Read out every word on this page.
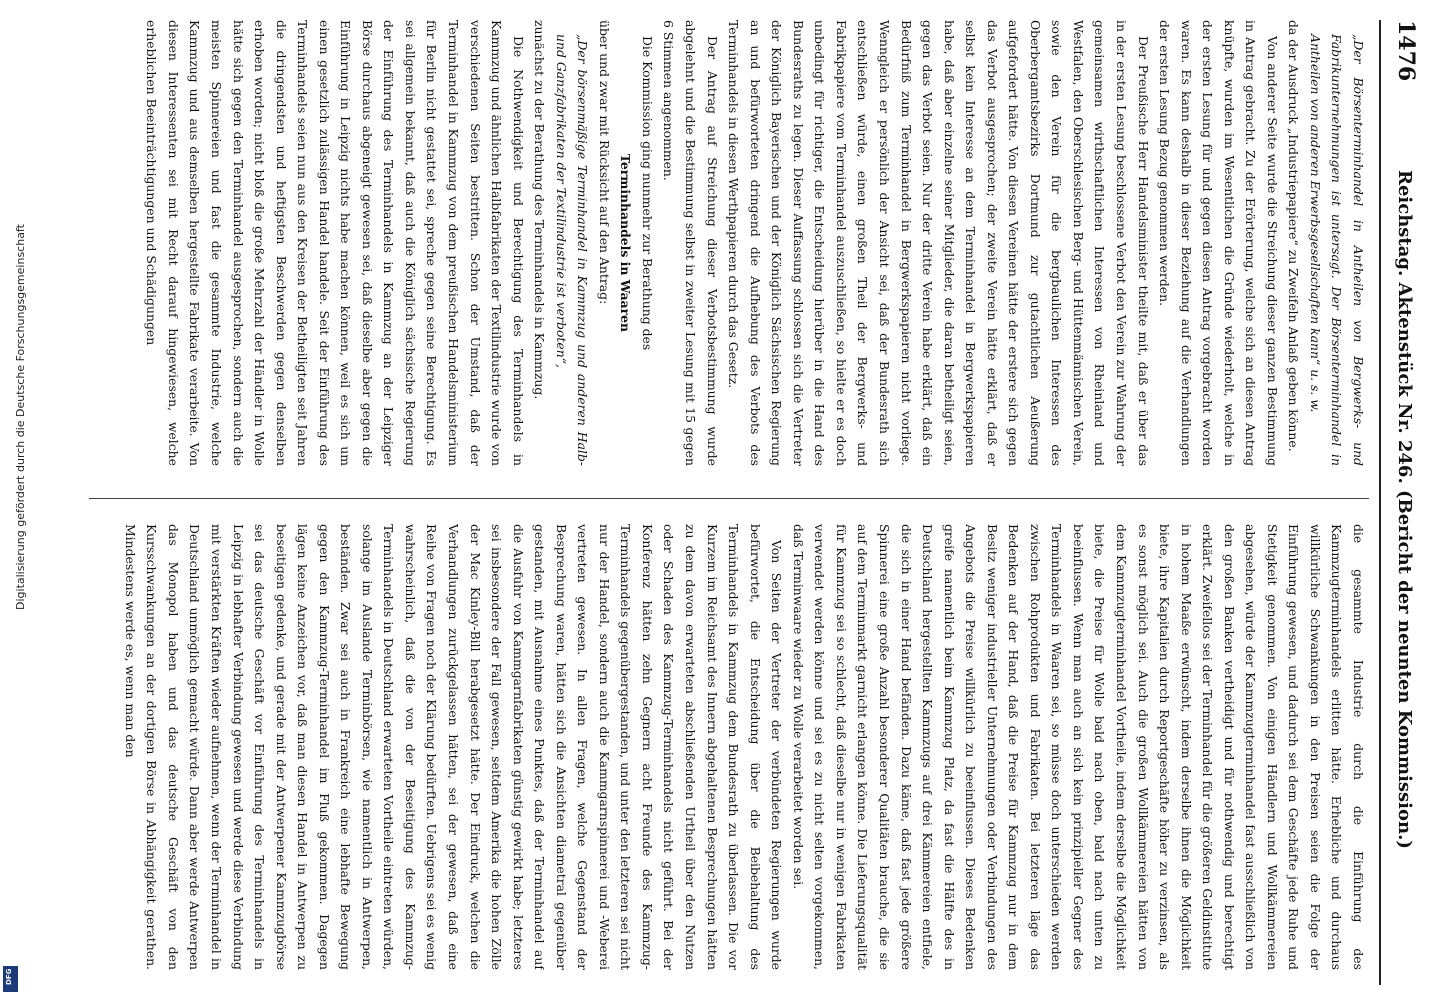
Digitalisierung gefördert durch die Deutsche Forschungsgemeinschaft
DFG
1476
Reichstag. Aktenstück Nr. 246. (Bericht der neunten Kommission.)

„Der Börsenterminhandel in Antheilen von Bergwerks- und Fabrikunternehmungen ist untersagt. Der Börsenterminhandel in Antheilen von anderen Erwerbsgesellschaften kann“ u. s. w.

da der Ausdruck „Industriepapiere“ zu Zweifeln Anlaß geben könne.

Von anderer Seite wurde die Streichung dieser ganzen Bestimmung in Antrag gebracht. Zu der Erörterung, welche sich an diesen Antrag knüpfte, wurden im Wesentlichen die Gründe wiederholt, welche in der ersten Lesung für und gegen diesen Antrag vorgebracht worden waren. Es kann deshalb in dieser Beziehung auf die Verhandlungen der ersten Lesung Bezug genommen werden.

Der Preußische Herr Handelsminister theilte mit, daß er über das in der ersten Lesung beschlossene Verbot den Verein zur Wahrung der gemeinsamen wirthschaftlichen Interessen von Rheinland und Westfalen, den Oberschlesischen Berg- und Hüttenmännischen Verein, sowie den Verein für die bergbaulichen Interessen des Oberbergamtsbezirks Dortmund zur gutachtlichen Aeußerung aufgefordert hätte. Von diesen Vereinen hätte der erstere sich gegen das Verbot ausgesprochen; der zweite Verein hätte erklärt, daß er selbst kein Interesse an dem Terminhandel in Bergwerkspapieren habe, daß aber einzelne seiner Mitglieder, die daran betheiligt seien, gegen das Verbot seien. Nur der dritte Verein habe erklärt, daß ein Bedürfniß zum Terminhandel in Bergwerkspapieren nicht vorliege. Wenngleich er persönlich der Ansicht sei, daß der Bundesrath sich entschließen würde, einen großen Theil der Bergwerks- und Fabrikpapiere vom Terminhandel auszuschließen, so hielte er es doch unbedingt für richtiger, die Entscheidung hierüber in die Hand des Bundesraths zu legen. Dieser Auffassung schlossen sich die Vertreter der Königlich Bayerischen und der Königlich Sächsischen Regierung an und befürworteten dringend die Aufhebung des Verbots des Terminhandels in diesen Werthpapieren durch das Gesetz.

Der Antrag auf Streichung dieser Verbotsbestimmung wurde abgelehnt und die Bestimmung selbst in zweiter Lesung mit 15 gegen 6 Stimmen angenommen.

Die Kommission ging nunmehr zur Berathung des

Terminhandels in Waaren

über und zwar mit Rücksicht auf den Antrag:

„Der börsenmäßige Terminhandel in Kammzug und anderen Halb- und Ganzfabrikaten der Textilindustrie ist verboten“,

zunächst zu der Berathung des Terminhandels in Kammzug.

Die Nothwendigkeit und Berechtigung des Terminhandels in Kammzug und ähnlichen Halbfabrikaten der Textilindustrie wurde von verschiedenen Seiten bestritten. Schon der Umstand, daß der Terminhandel in Kammzug von dem preußischen Handelsministerium für Berlin nicht gestattet sei, spreche gegen seine Berechtigung. Es sei allgemein bekannt, daß auch die Königlich sächsische Regierung der Einführung des Terminhandels in Kammzug an der Leipziger Börse durchaus abgeneigt gewesen sei, daß dieselbe aber gegen die Einführung in Leipzig nichts habe machen können, weil es sich um einen gesetzlich zulässigen Handel handele. Seit der Einführung des Terminhandels seien nun aus den Kreisen der Betheiligten seit Jahren die dringendsten und heftigsten Beschwerden gegen denselben erhoben worden; nicht bloß die große Mehrzahl der Händler in Wolle hätte sich gegen den Terminhandel ausgesprochen, sondern auch die meisten Spinnereien und fast die gesammte Industrie, welche Kammzug und aus demselben hergestellte Fabrikate verarbeite. Von diesen Interessenten sei mit Recht darauf hingewiesen, welche erheblichen Beeinträchtigungen und Schädigungen

die gesammte Industrie durch die Einführung des Kammzugterminhandels erlitten hätte. Erhebliche und durchaus willkürliche Schwankungen in den Preisen seien die Folge der Einführung gewesen, und dadurch sei dem Geschäfte jede Ruhe und Stetigkeit genommen. Von einigen Händlern und Wollkämmereien abgesehen, würde der Kammzugterminhandel fast ausschließlich von den großen Banken vertheidigt und für nothwendig und berechtigt erklärt. Zweifellos sei der Terminhandel für die größeren Geldinstitute in hohem Maaße erwünscht, indem derselbe ihnen die Möglichkeit biete, ihre Kapitalien durch Reportgeschäfte höher zu verzinsen, als es sonst möglich sei. Auch die großen Wollkämmereien hätten von dem Kammzugterminhandel Vortheile, indem derselbe die Möglichkeit biete, die Preise für Wolle bald nach oben, bald nach unten zu beeinflussen. Wenn man auch an sich kein prinzipieller Gegner des Terminhandels in Waaren sei, so müsse doch unterschieden werden zwischen Rohprodukten und Fabrikaten. Bei letzteren läge das Bedenken auf der Hand, daß die Preise für Kammzug nur in dem Besitz weniger industrieller Unternehmungen oder Verbindungen des Angebots die Preise willkürlich zu beeinflussen. Dieses Bedenken greife namentlich beim Kammzug Platz, da fast die Hälfte des in Deutschland hergestellten Kammzugs auf drei Kämmereien entfiele, die sich in einer Hand befänden. Dazu käme, daß fast jede größere Spinnerei eine große Anzahl besonderer Qualitäten brauche, die sie auf dem Terminmarkt garnicht erlangen könne. Die Lieferungsqualität für Kammzug sei so schlecht, daß dieselbe nur in wenigen Fabrikaten verwendet werden könne und sei es zu nicht selten vorgekommen, daß Terminwaare wieder zu Wolle verarbeitet worden sei.

Von Seiten der Vertreter der verbündeten Regierungen wurde befürwortet, die Entscheidung über die Beibehaltung des Terminhandels in Kammzug dem Bundesrath zu überlassen. Die vor Kurzem im Reichsamt des Innern abgehaltenen Besprechungen hätten zu dem davon erwarteten abschließenden Urtheil über den Nutzen oder Schaden des Kammzug-Terminhandels nicht geführt. Bei der Konferenz hätten zehn Gegnern acht Freunde des Kammzug-Terminhandels gegenübergestanden, und unter den letzteren sei nicht nur der Handel, sondern auch die Kammgarnspinnerei und -Weberei vertreten gewesen. In allen Fragen, welche Gegenstand der Besprechung waren, hätten sich die Ansichten diametral gegenüber gestanden, mit Ausnahme eines Punktes, daß der Terminhandel auf die Ausfuhr von Kammgarnfabrikaten günstig gewirkt habe; letzteres sei insbesondere der Fall gewesen, seitdem Amerika die hohen Zölle der Mac Kinley-Bill herabgesetzt hätte. Der Eindruck, welchen die Verhandlungen zurückgelassen hätten, sei der gewesen, daß eine Reihe von Fragen noch der Klärung bedürften. Uebrigens sei es wenig wahrscheinlich, daß die von der Beseitigung des Kammzug-Terminhandels in Deutschland erwarteten Vortheile eintreten würden, solange im Auslande Terminbörsen, wie namentlich in Antwerpen, beständen. Zwar sei auch in Frankreich eine lebhafte Bewegung gegen den Kammzug-Terminhandel im Fluß gekommen. Dagegen lägen keine Anzeichen vor, daß man diesen Handel in Antwerpen zu beseitigen gedenke, und gerade mit der Antwerpener Kammzugbörse sei das deutsche Geschäft vor Einführung des Terminhandels in Leipzig in lebhafter Verbindung gewesen und werde diese Verbindung mit verstärkten Kräften wieder aufnehmen, wenn der Terminhandel in Deutschland unmöglich gemacht würde. Dann aber werde Antwerpen das Monopol haben und das deutsche Geschäft von den Kursschwankungen an der dortigen Börse in Abhängigkeit gerathen. Mindestens werde es, wenn man den
